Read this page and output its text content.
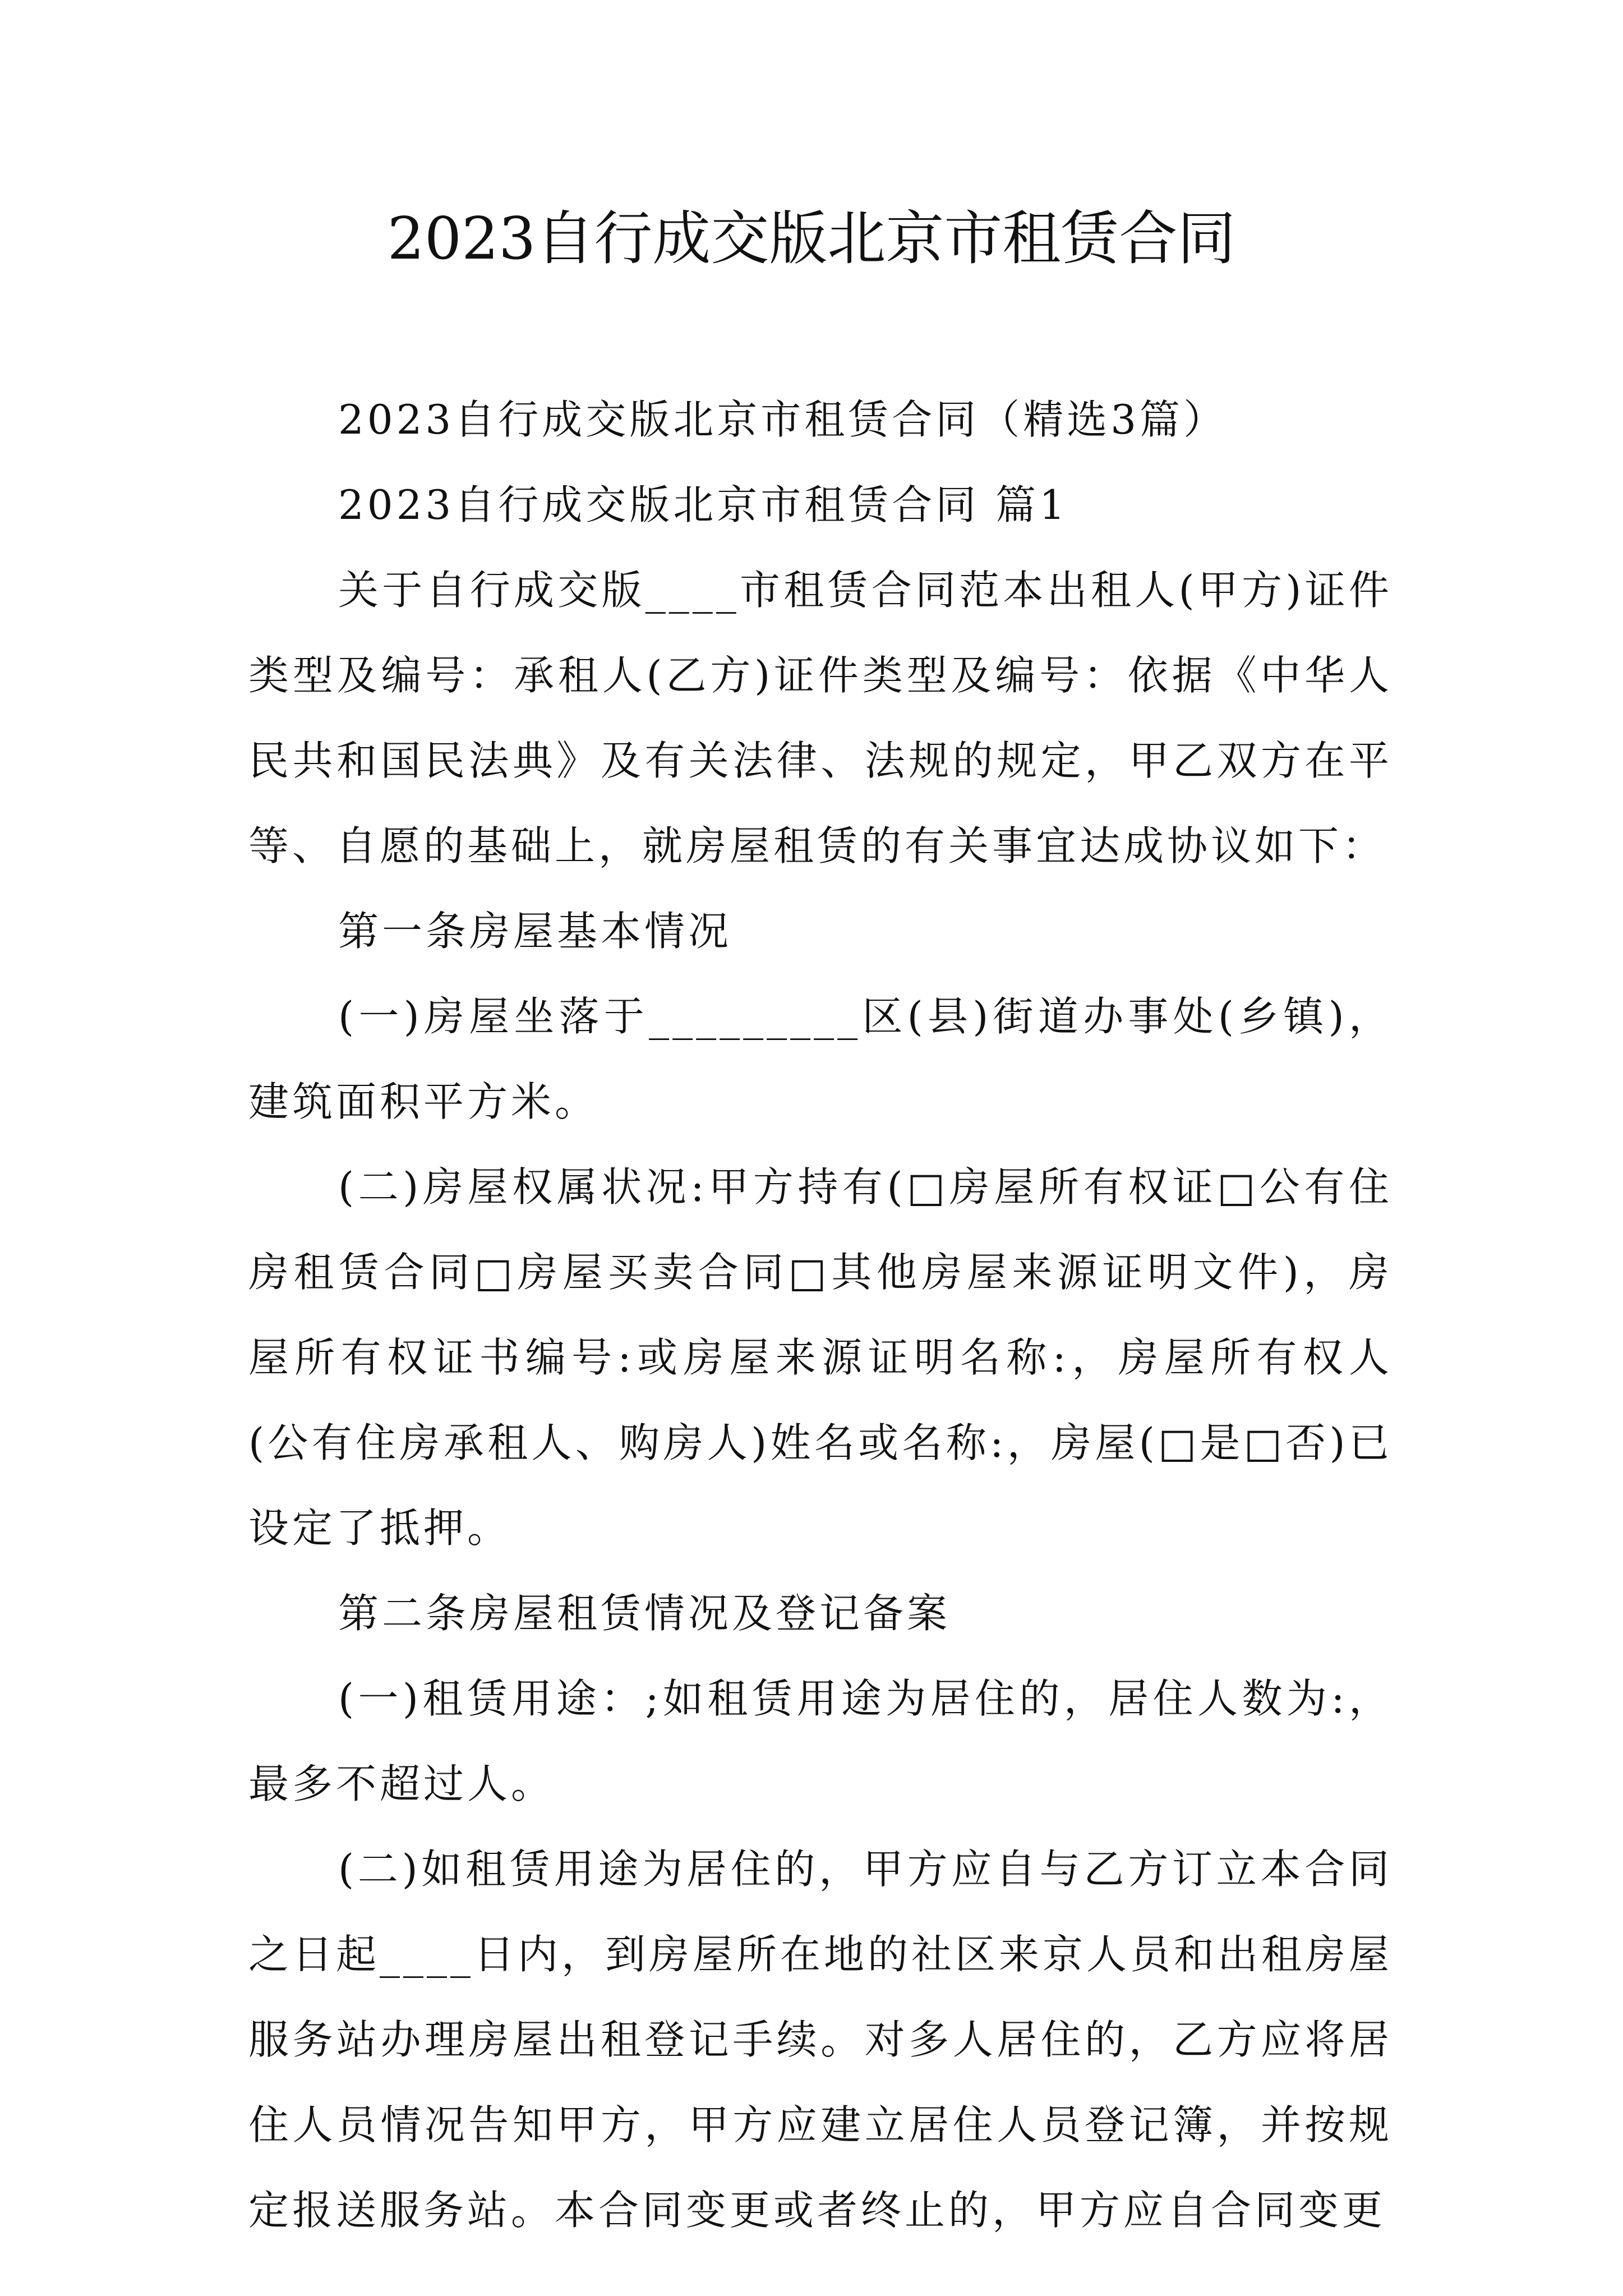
2023自行成交版北京市租赁合同

2023自行成交版北京市租赁合同（精选3篇）

2023自行成交版北京市租赁合同 篇1

关于自行成交版____市租赁合同范本出租人(甲方)证件类型及编号：承租人(乙方)证件类型及编号：依据《中华人民共和国民法典》及有关法律、法规的规定，甲乙双方在平等、自愿的基础上，就房屋租赁的有关事宜达成协议如下：

第一条房屋基本情况

(一)房屋坐落于_________区(县)街道办事处(乡镇)，建筑面积平方米。

(二)房屋权属状况:甲方持有(□房屋所有权证□公有住房租赁合同□房屋买卖合同□其他房屋来源证明文件)，房屋所有权证书编号:或房屋来源证明名称:，房屋所有权人(公有住房承租人、购房人)姓名或名称:，房屋(□是□否)已设定了抵押。

第二条房屋租赁情况及登记备案

(一)租赁用途：;如租赁用途为居住的，居住人数为:，最多不超过人。

(二)如租赁用途为居住的，甲方应自与乙方订立本合同之日起____日内，到房屋所在地的社区来京人员和出租房屋服务站办理房屋出租登记手续。对多人居住的，乙方应将居住人员情况告知甲方，甲方应建立居住人员登记簿，并按规定报送服务站。本合同变更或者终止的，甲方应自合同变更
